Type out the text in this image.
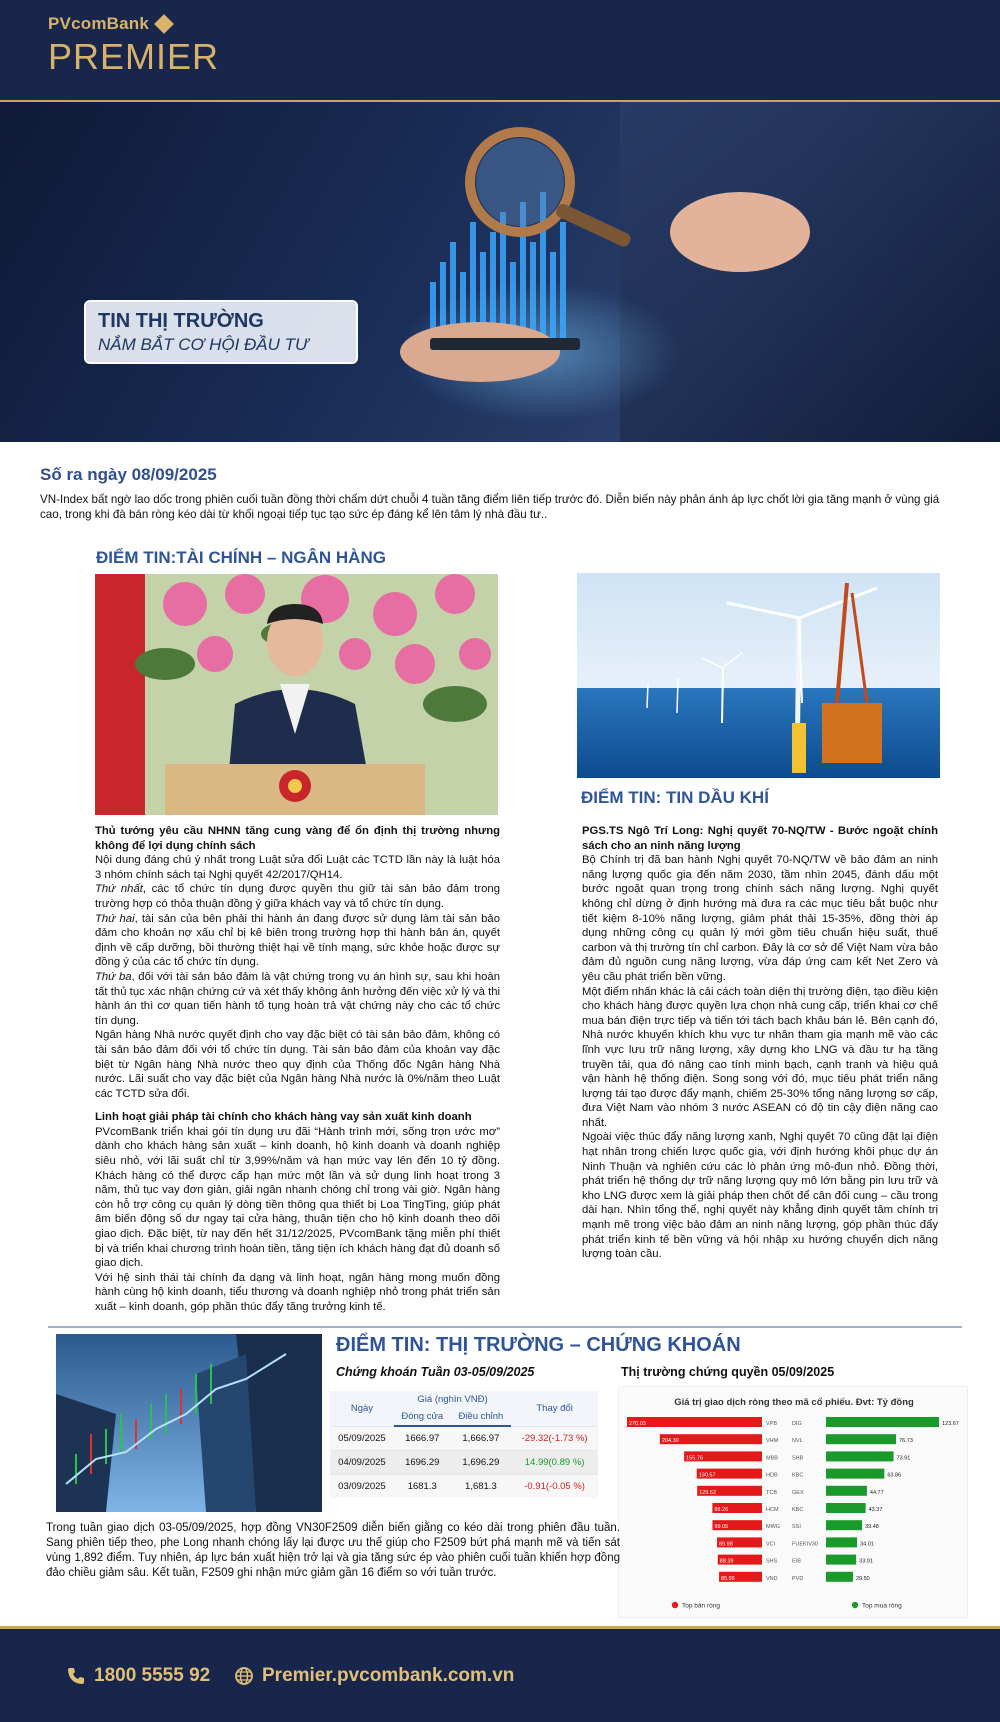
PVcomBank
PREMIER
TIN THỊ TRƯỜNG
NẮM BẮT CƠ HỘI ĐẦU TƯ
Số ra ngày 08/09/2025
VN-Index bất ngờ lao dốc trong phiên cuối tuần đồng thời chấm dứt chuỗi 4 tuần tăng điểm liên tiếp trước đó. Diễn biến này phản ánh áp lực chốt lời gia tăng mạnh ở vùng giá cao, trong khi đà bán ròng kéo dài từ khối ngoại tiếp tục tạo sức ép đáng kể lên tâm lý nhà đầu tư..
ĐIỂM TIN:TÀI CHÍNH – NGÂN HÀNG

Thủ tướng yêu cầu NHNN tăng cung vàng để ổn định thị trường nhưng không để lợi dụng chính sách

Nội dung đáng chú ý nhất trong Luật sửa đổi Luật các TCTD lần này là luật hóa 3 nhóm chính sách tại Nghị quyết 42/2017/QH14.

Thứ nhất, các tổ chức tín dụng được quyền thu giữ tài sản bảo đảm trong trường hợp có thỏa thuận đồng ý giữa khách vay và tổ chức tín dụng.

Thứ hai, tài sản của bên phải thi hành án đang được sử dụng làm tài sản bảo đảm cho khoản nợ xấu chỉ bị kê biên trong trường hợp thi hành bản án, quyết định về cấp dưỡng, bồi thường thiệt hại về tính mạng, sức khỏe hoặc được sự đồng ý của các tổ chức tín dụng.

Thứ ba, đối với tài sản bảo đảm là vật chứng trong vụ án hình sự, sau khi hoàn tất thủ tục xác nhận chứng cứ và xét thấy không ảnh hưởng đến việc xử lý và thi hành án thì cơ quan tiến hành tố tụng hoàn trả vật chứng này cho các tổ chức tín dụng.

Ngân hàng Nhà nước quyết định cho vay đặc biệt có tài sản bảo đảm, không có tài sản bảo đảm đối với tổ chức tín dụng. Tài sản bảo đảm của khoản vay đặc biệt từ Ngân hàng Nhà nước theo quy định của Thống đốc Ngân hàng Nhà nước. Lãi suất cho vay đặc biệt của Ngân hàng Nhà nước là 0%/năm theo Luật các TCTD sửa đổi.

Linh hoạt giải pháp tài chính cho khách hàng vay sản xuất kinh doanh

PVcomBank triển khai gói tín dụng ưu đãi “Hành trình mới, sống trọn ước mơ” dành cho khách hàng sản xuất – kinh doanh, hộ kinh doanh và doanh nghiệp siêu nhỏ, với lãi suất chỉ từ 3,99%/năm và hạn mức vay lên đến 10 tỷ đồng. Khách hàng có thể được cấp hạn mức một lần và sử dụng linh hoạt trong 3 năm, thủ tục vay đơn giản, giải ngân nhanh chóng chỉ trong vài giờ. Ngân hàng còn hỗ trợ công cụ quản lý dòng tiền thông qua thiết bị Loa TingTing, giúp phát âm biến động số dư ngay tại cửa hàng, thuận tiện cho hộ kinh doanh theo dõi giao dịch. Đặc biệt, từ nay đến hết 31/12/2025, PVcomBank tặng miễn phí thiết bị và triển khai chương trình hoàn tiền, tăng tiện ích khách hàng đạt đủ doanh số giao dịch.

Với hệ sinh thái tài chính đa dạng và linh hoạt, ngân hàng mong muốn đồng hành cùng hộ kinh doanh, tiểu thương và doanh nghiệp nhỏ trong phát triển sản xuất – kinh doanh, góp phần thúc đẩy tăng trưởng kinh tế.

ĐIỂM TIN: TIN DẦU KHÍ

PGS.TS Ngô Trí Long: Nghị quyết 70-NQ/TW - Bước ngoặt chính sách cho an ninh năng lượng

Bộ Chính trị đã ban hành Nghị quyết 70-NQ/TW về bảo đảm an ninh năng lượng quốc gia đến năm 2030, tầm nhìn 2045, đánh dấu một bước ngoặt quan trọng trong chính sách năng lượng. Nghị quyết không chỉ dừng ở định hướng mà đưa ra các mục tiêu bắt buộc như tiết kiệm 8-10% năng lượng, giảm phát thải 15-35%, đồng thời áp dụng những công cụ quản lý mới gồm tiêu chuẩn hiệu suất, thuế carbon và thị trường tín chỉ carbon. Đây là cơ sở để Việt Nam vừa bảo đảm đủ nguồn cung năng lượng, vừa đáp ứng cam kết Net Zero và yêu cầu phát triển bền vững.

Một điểm nhấn khác là cải cách toàn diện thị trường điện, tạo điều kiện cho khách hàng được quyền lựa chọn nhà cung cấp, triển khai cơ chế mua bán điện trực tiếp và tiến tới tách bạch khâu bán lẻ. Bên cạnh đó, Nhà nước khuyến khích khu vực tư nhân tham gia mạnh mẽ vào các lĩnh vực lưu trữ năng lượng, xây dựng kho LNG và đầu tư hạ tầng truyền tải, qua đó nâng cao tính minh bạch, cạnh tranh và hiệu quả vận hành hệ thống điện. Song song với đó, mục tiêu phát triển năng lượng tái tạo được đẩy mạnh, chiếm 25-30% tổng năng lượng sơ cấp, đưa Việt Nam vào nhóm 3 nước ASEAN có độ tin cậy điện năng cao nhất.

Ngoài việc thúc đẩy năng lượng xanh, Nghị quyết 70 cũng đặt lại điện hạt nhân trong chiến lược quốc gia, với định hướng khôi phục dự án Ninh Thuận và nghiên cứu các lò phản ứng mô-đun nhỏ. Đồng thời, phát triển hệ thống dự trữ năng lượng quy mô lớn bằng pin lưu trữ và kho LNG được xem là giải pháp then chốt để cân đối cung – cầu trong dài hạn. Nhìn tổng thể, nghị quyết này khẳng định quyết tâm chính trị mạnh mẽ trong việc bảo đảm an ninh năng lượng, góp phần thúc đẩy phát triển kinh tế bền vững và hội nhập xu hướng chuyển dịch năng lượng toàn cầu.

ĐIỂM TIN: THỊ TRƯỜNG – CHỨNG KHOÁN
Chứng khoán Tuần 03-05/09/2025	Thị trường chứng quyền 05/09/2025
Ngày	Giá (nghìn VNĐ)		Thay đổi
	Đóng cửa	Điều chỉnh	
05/09/2025	1666.97	1,666.97	-29.32(-1.73 %)
04/09/2025	1696.29	1,696.29	14.99(0.89 %)
03/09/2025	1681.3	1,681.3	-0.91(-0.05 %)
Giá trị giao dịch ròng theo mã cổ phiếu. Đvt: Tỷ đồng
270.03	VPB	DIG	123.67
204.30	VHM	NVL	76.73
155.76	MBB	SHB	73.91
130.57	HDB	KBC	63.86
129.62	TCB	GEX	44.77
99.26	HCM KBC	43.37
99.05	MWG SSI	39.48
89.98	VCI	FUEKIV30	34.01
88.39	SHS	EIB	33.01
85.95	VND	PVD	29.50
Top bán ròng	Top mua ròng
Trong tuần giao dịch 03-05/09/2025, hợp đồng VN30F2509 diễn biến giằng co kéo dài trong phiên đầu tuần. Sang phiên tiếp theo, phe Long nhanh chóng lấy lại được ưu thế giúp cho F2509 bứt phá mạnh mẽ và tiến sát vùng 1,892 điểm. Tuy nhiên, áp lực bán xuất hiện trở lại và gia tăng sức ép vào phiên cuối tuần khiến hợp đồng đảo chiều giảm sâu. Kết tuần, F2509 ghi nhận mức giảm gần 16 điểm so với tuần trước.
1800 5555 92	Premier.pvcombank.com.vn
